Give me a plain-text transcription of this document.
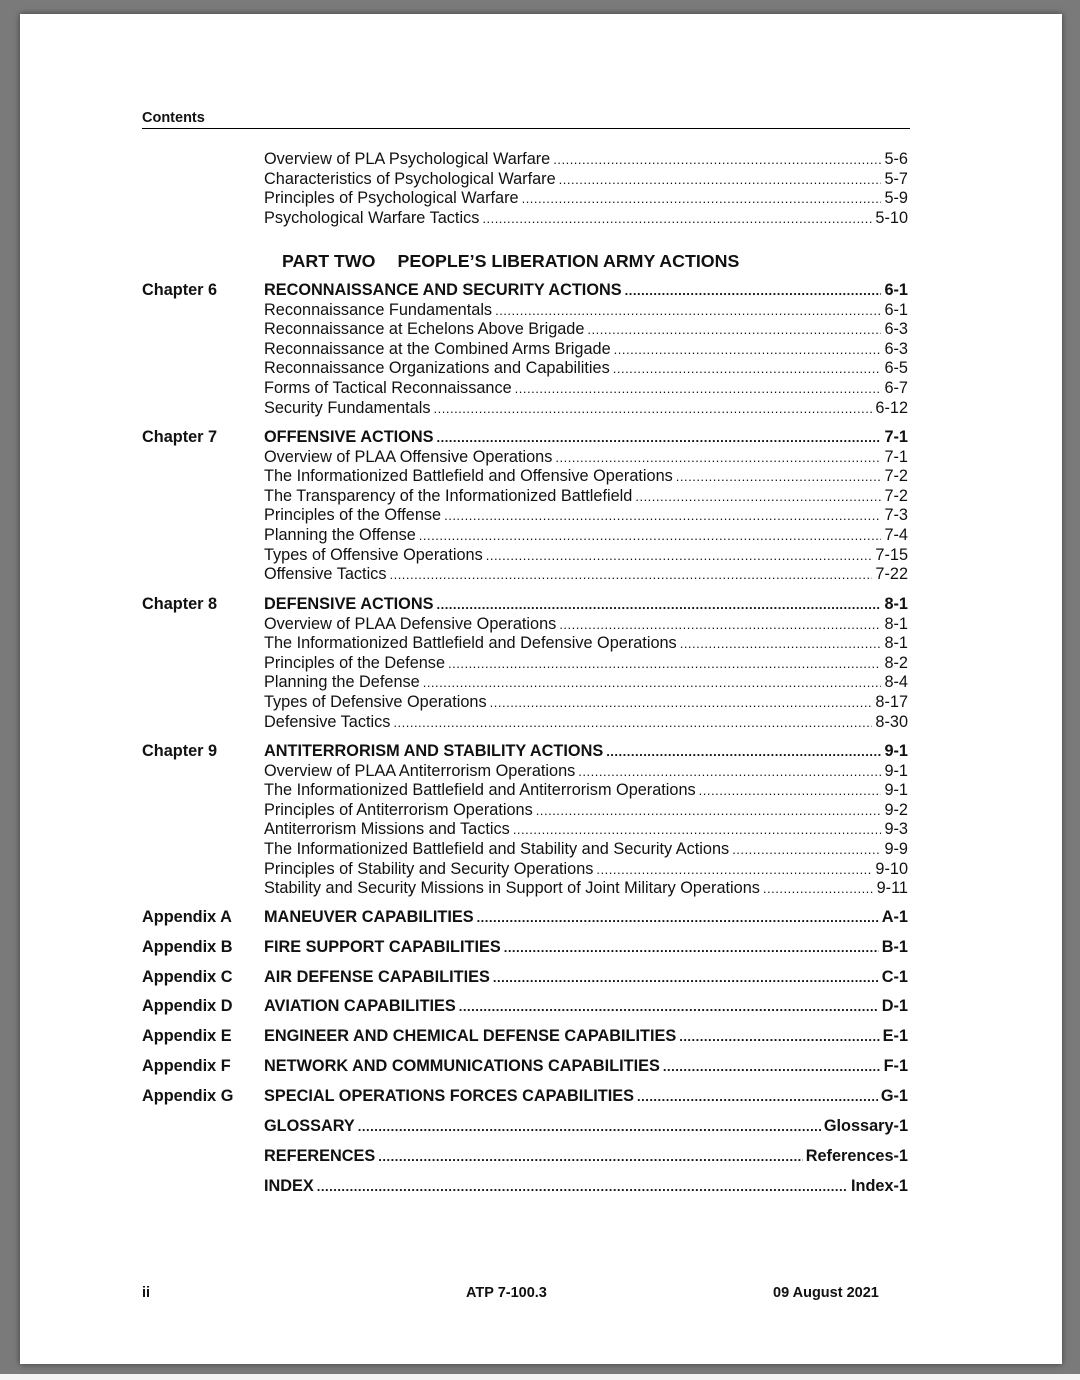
Contents
PART TWO PEOPLE’S LIBERATION ARMY ACTIONS
Overview of PLA Psychological Warfare .....	5-6
Characteristics of Psychological Warfare .....	5-7
Principles of Psychological Warfare .....	5-9
Psychological Warfare Tactics .....	5-10
Chapter 6	RECONNAISSANCE AND SECURITY ACTIONS .....	6-1
Reconnaissance Fundamentals .....	6-1
Reconnaissance at Echelons Above Brigade .....	6-3
Reconnaissance at the Combined Arms Brigade .....	6-3
Reconnaissance Organizations and Capabilities .....	6-5
Forms of Tactical Reconnaissance .....	6-7
Security Fundamentals .....	6-12
Chapter 7	OFFENSIVE ACTIONS .....	7-1
Overview of PLAA Offensive Operations .....	7-1
The Informationized Battlefield and Offensive Operations .....	7-2
The Transparency of the Informationized Battlefield .....	7-2
Principles of the Offense .....	7-3
Planning the Offense .....	7-4
Types of Offensive Operations .....	7-15
Offensive Tactics .....	7-22
Chapter 8	DEFENSIVE ACTIONS .....	8-1
Overview of PLAA Defensive Operations .....	8-1
The Informationized Battlefield and Defensive Operations .....	8-1
Principles of the Defense .....	8-2
Planning the Defense .....	8-4
Types of Defensive Operations .....	8-17
Defensive Tactics .....	8-30
Chapter 9	ANTITERRORISM AND STABILITY ACTIONS .....	9-1
Overview of PLAA Antiterrorism Operations .....	9-1
The Informationized Battlefield and Antiterrorism Operations .....	9-1
Principles of Antiterrorism Operations .....	9-2
Antiterrorism Missions and Tactics .....	9-3
The Informationized Battlefield and Stability and Security Actions .....	9-9
Principles of Stability and Security Operations .....	9-10
Stability and Security Missions in Support of Joint Military Operations .....	9-11
Appendix A MANEUVER CAPABILITIES .....	A-1
Appendix B FIRE SUPPORT CAPABILITIES .....	B-1
Appendix C AIR DEFENSE CAPABILITIES .....	C-1
Appendix D AVIATION CAPABILITIES .....	D-1
Appendix E ENGINEER AND CHEMICAL DEFENSE CAPABILITIES .....	E-1
Appendix F NETWORK AND COMMUNICATIONS CAPABILITIES .....	F-1
Appendix G SPECIAL OPERATIONS FORCES CAPABILITIES .....	G-1
GLOSSARY .....	Glossary-1
REFERENCES .....	References-1
INDEX .....	Index-1
ii	ATP 7-100.3	09 August 2021
